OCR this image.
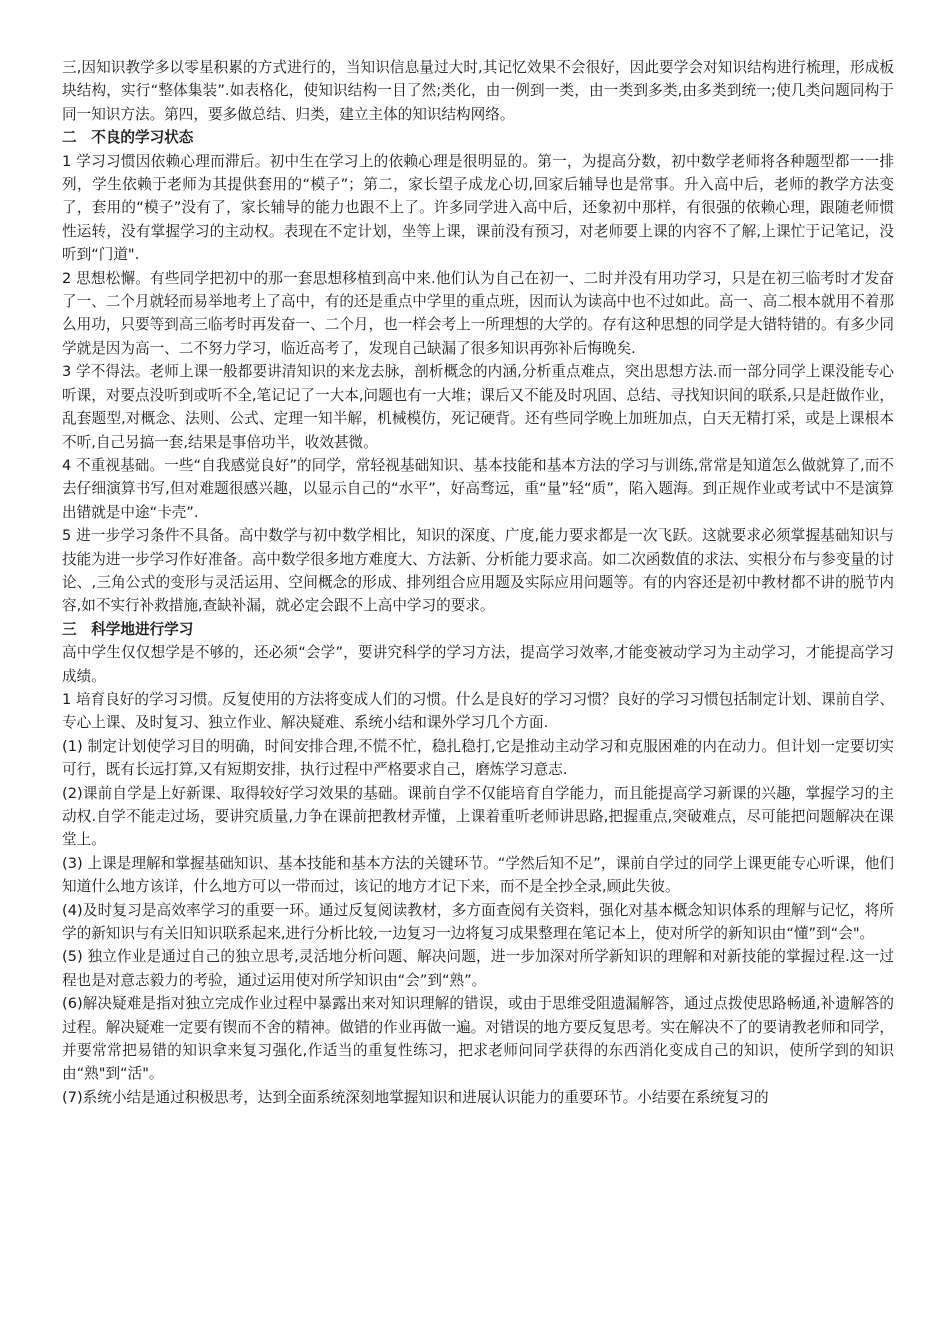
三,因知识教学多以零星积累的方式进行的，当知识信息量过大时,其记忆效果不会很好，因此要学会对知识结构进行梳理，形成板块结构，实行“整体集装”.如表格化，使知识结构一目了然;类化，由一例到一类，由一类到多类,由多类到统一;使几类问题同构于同一知识方法。第四，要多做总结、归类，建立主体的知识结构网络。

二　不良的学习状态

1 学习习惯因依赖心理而滞后。初中生在学习上的依赖心理是很明显的。第一，为提高分数，初中数学老师将各种题型都一一排列，学生依赖于老师为其提供套用的“模子”；第二，家长望子成龙心切,回家后辅导也是常事。升入高中后，老师的教学方法变了，套用的“模子”没有了，家长辅导的能力也跟不上了。许多同学进入高中后，还象初中那样，有很强的依赖心理，跟随老师惯性运转，没有掌握学习的主动权。表现在不定计划，坐等上课，课前没有预习，对老师要上课的内容不了解,上课忙于记笔记，没听到“门道".

2 思想松懈。有些同学把初中的那一套思想移植到高中来.他们认为自己在初一、二时并没有用功学习，只是在初三临考时才发奋了一、二个月就轻而易举地考上了高中，有的还是重点中学里的重点班，因而认为读高中也不过如此。高一、高二根本就用不着那么用功，只要等到高三临考时再发奋一、二个月，也一样会考上一所理想的大学的。存有这种思想的同学是大错特错的。有多少同学就是因为高一、二不努力学习，临近高考了，发现自己缺漏了很多知识再弥补后悔晚矣.

3 学不得法。老师上课一般都要讲清知识的来龙去脉，剖析概念的内涵,分析重点难点，突出思想方法.而一部分同学上课没能专心听课，对要点没听到或听不全,笔记记了一大本,问题也有一大堆；课后又不能及时巩固、总结、寻找知识间的联系,只是赶做作业，乱套题型,对概念、法则、公式、定理一知半解，机械模仿，死记硬背。还有些同学晚上加班加点，白天无精打采，或是上课根本不听,自己另搞一套,结果是事倍功半，收效甚微。

4 不重视基础。一些“自我感觉良好”的同学，常轻视基础知识、基本技能和基本方法的学习与训练,常常是知道怎么做就算了,而不去仔细演算书写,但对难题很感兴趣，以显示自己的“水平”，好高骛远，重“量”轻“质”，陷入题海。到正规作业或考试中不是演算出错就是中途“卡壳”.

5 进一步学习条件不具备。高中数学与初中数学相比，知识的深度、广度,能力要求都是一次飞跃。这就要求必须掌握基础知识与技能为进一步学习作好准备。高中数学很多地方难度大、方法新、分析能力要求高。如二次函数值的求法、实根分布与参变量的讨论、,三角公式的变形与灵活运用、空间概念的形成、排列组合应用题及实际应用问题等。有的内容还是初中教材都不讲的脱节内容,如不实行补救措施,查缺补漏，就必定会跟不上高中学习的要求。

三　科学地进行学习

高中学生仅仅想学是不够的，还必须“会学”，要讲究科学的学习方法，提高学习效率,才能变被动学习为主动学习，才能提高学习成绩。

1 培育良好的学习习惯。反复使用的方法将变成人们的习惯。什么是良好的学习习惯？良好的学习习惯包括制定计划、课前自学、专心上课、及时复习、独立作业、解决疑难、系统小结和课外学习几个方面.

(1) 制定计划使学习目的明确，时间安排合理,不慌不忙，稳扎稳打,它是推动主动学习和克服困难的内在动力。但计划一定要切实可行，既有长远打算,又有短期安排，执行过程中严格要求自己，磨炼学习意志.

(2)课前自学是上好新课、取得较好学习效果的基础。课前自学不仅能培育自学能力，而且能提高学习新课的兴趣，掌握学习的主动权.自学不能走过场，要讲究质量,力争在课前把教材弄懂，上课着重听老师讲思路,把握重点,突破难点，尽可能把问题解决在课堂上。

(3) 上课是理解和掌握基础知识、基本技能和基本方法的关键环节。“学然后知不足”，课前自学过的同学上课更能专心听课，他们知道什么地方该详，什么地方可以一带而过，该记的地方才记下来，而不是全抄全录,顾此失彼。

(4)及时复习是高效率学习的重要一环。通过反复阅读教材，多方面查阅有关资料，强化对基本概念知识体系的理解与记忆，将所学的新知识与有关旧知识联系起来,进行分析比较,一边复习一边将复习成果整理在笔记本上，使对所学的新知识由“懂”到“会"。

(5) 独立作业是通过自己的独立思考,灵活地分析问题、解决问题，进一步加深对所学新知识的理解和对新技能的掌握过程.这一过程也是对意志毅力的考验，通过运用使对所学知识由“会”到“熟”。

(6)解决疑难是指对独立完成作业过程中暴露出来对知识理解的错误，或由于思维受阻遗漏解答，通过点拨使思路畅通,补遗解答的过程。解决疑难一定要有锲而不舍的精神。做错的作业再做一遍。对错误的地方要反复思考。实在解决不了的要请教老师和同学，并要常常把易错的知识拿来复习强化,作适当的重复性练习，把求老师问同学获得的东西消化变成自己的知识，使所学到的知识由“熟"到“活"。

(7)系统小结是通过积极思考，达到全面系统深刻地掌握知识和进展认识能力的重要环节。小结要在系统复习的
